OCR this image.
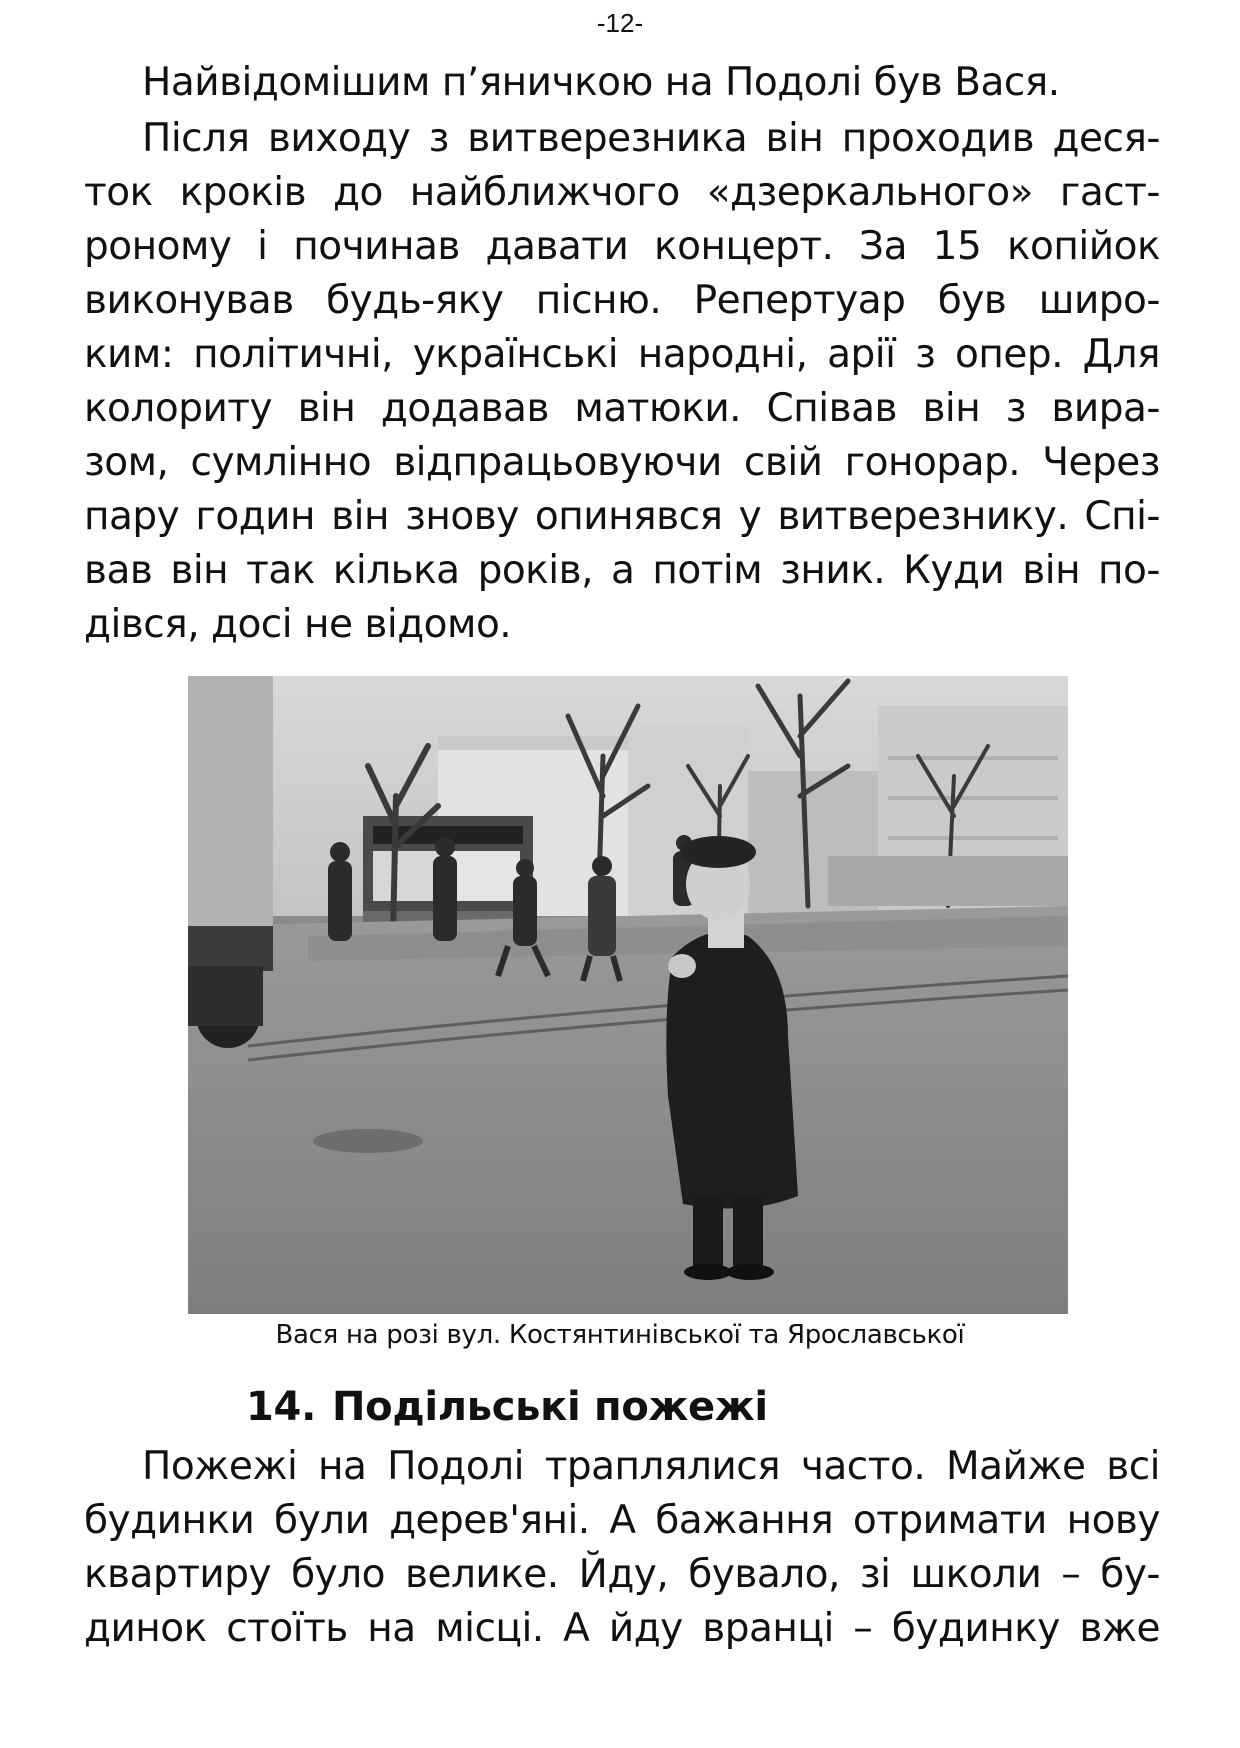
-12-
Найвідомішим п’яничкою на Подолі був Вася.
Після виходу з витверезника він проходив деся-
ток кроків до найближчого «дзеркального» гаст-
роному і починав давати концерт. За 15 копійок
виконував будь-яку пісню. Репертуар був широ-
ким: політичні, українські народні, арії з опер. Для
колориту він додавав матюки. Співав він з вира-
зом, сумлінно відпрацьовуючи свій гонорар. Через
пару годин він знову опинявся у витверезнику. Спі-
вав він так кілька років, а потім зник. Куди він по-
дівся, досі не відомо.
Вася на розі вул. Костянтинівської та Ярославської
14. Подільські пожежі
Пожежі на Подолі траплялися часто. Майже всі
будинки були дерев'яні. А бажання отримати нову
квартиру було велике. Йду, бувало, зі школи – бу-
динок стоїть на місці. А йду вранці – будинку вже
